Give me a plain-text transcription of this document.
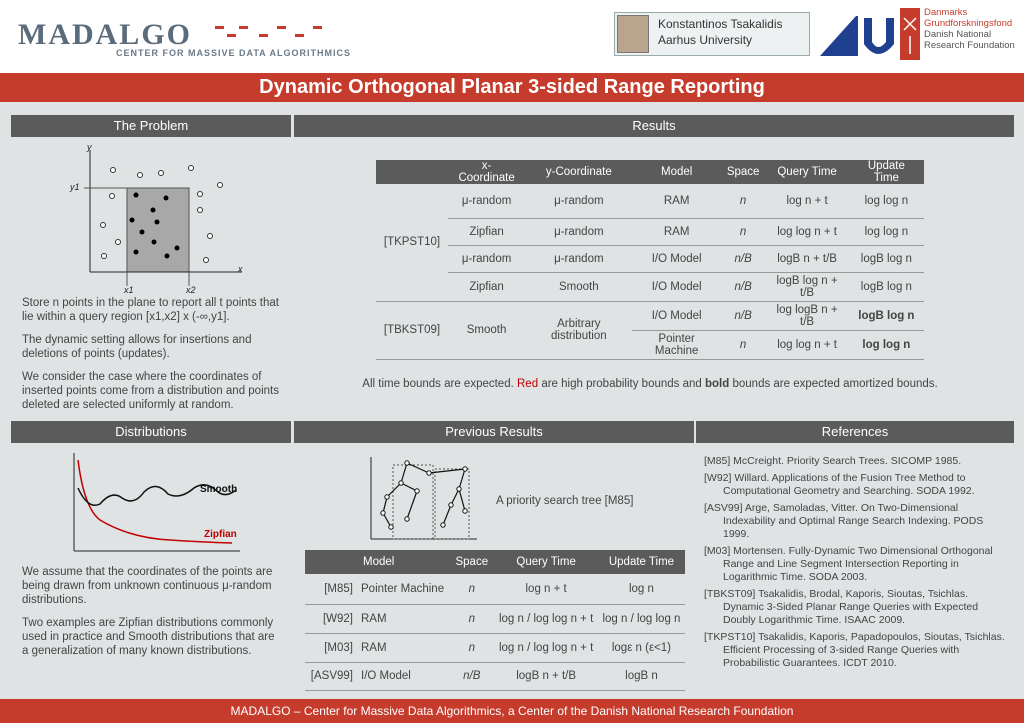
MADALGO
CENTER FOR MASSIVE DATA ALGORITHMICS
Konstantinos Tsakalidis
Aarhus University
Danmarks
Grundforskningsfond
Danish National
Research Foundation
Dynamic Orthogonal Planar 3-sided Range Reporting
The Problem
y
y1
x
x1	x2
Store n points in the plane to report all t points that lie within a query region [x1,x2] x (-∞,y1].
The dynamic setting allows for insertions and deletions of points (updates).
We consider the case where the coordinates of inserted points come from a distribution and points deleted are selected uniformly at random.
Results
	x-Coordinate	y-Coordinate	Model	Space	Query Time	Update Time
[TKPST10]	μ-random	μ-random	RAM	n	log n + t	log log n
	Zipfian	μ-random	RAM	n	log log n + t	log log n
	μ-random	μ-random	I/O Model	n/B	logB n + t/B	logB log n
	Zipfian	Smooth	I/O Model	n/B	logB log n + t/B	logB log n
[TBKST09]	Smooth	Arbitrary distribution	I/O Model	n/B	log logB n + t/B	logB log n
			Pointer Machine	n	log log n + t	log log n
All time bounds are expected. Red are high probability bounds and bold bounds are expected amortized bounds.
Distributions
Smooth
Zipfian
We assume that the coordinates of the points are being drawn from unknown continuous μ-random distributions.
Two examples are Zipfian distributions commonly used in practice and Smooth distributions that are a generalization of many known distributions.
Previous Results
A priority search tree [M85]
	Model	Space	Query Time	Update Time
[M85]	Pointer Machine	n	log n + t	log n
[W92]	RAM	n	log n / log log n + t	log n / log log n
[M03]	RAM	n	log n / log log n + t	logε n (ε<1)
[ASV99]	I/O Model	n/B	logB n + t/B	logB n
References

[M85] McCreight. Priority Search Trees. SICOMP 1985.

[W92] Willard. Applications of the Fusion Tree Method to Computational Geometry and Searching. SODA 1992.

[ASV99] Arge, Samoladas, Vitter. On Two-Dimensional Indexability and Optimal Range Search Indexing. PODS 1999.

[M03] Mortensen. Fully-Dynamic Two Dimensional Orthogonal Range and Line Segment Intersection Reporting in Logarithmic Time. SODA 2003.

[TBKST09] Tsakalidis, Brodal, Kaporis, Sioutas, Tsichlas. Dynamic 3-Sided Planar Range Queries with Expected Doubly Logarithmic Time. ISAAC 2009.

[TKPST10] Tsakalidis, Kaporis, Papadopoulos, Sioutas, Tsichlas. Efficient Processing of 3-sided Range Queries with Probabilistic Guarantees. ICDT 2010.

MADALGO – Center for Massive Data Algorithmics, a Center of the Danish National Research Foundation
